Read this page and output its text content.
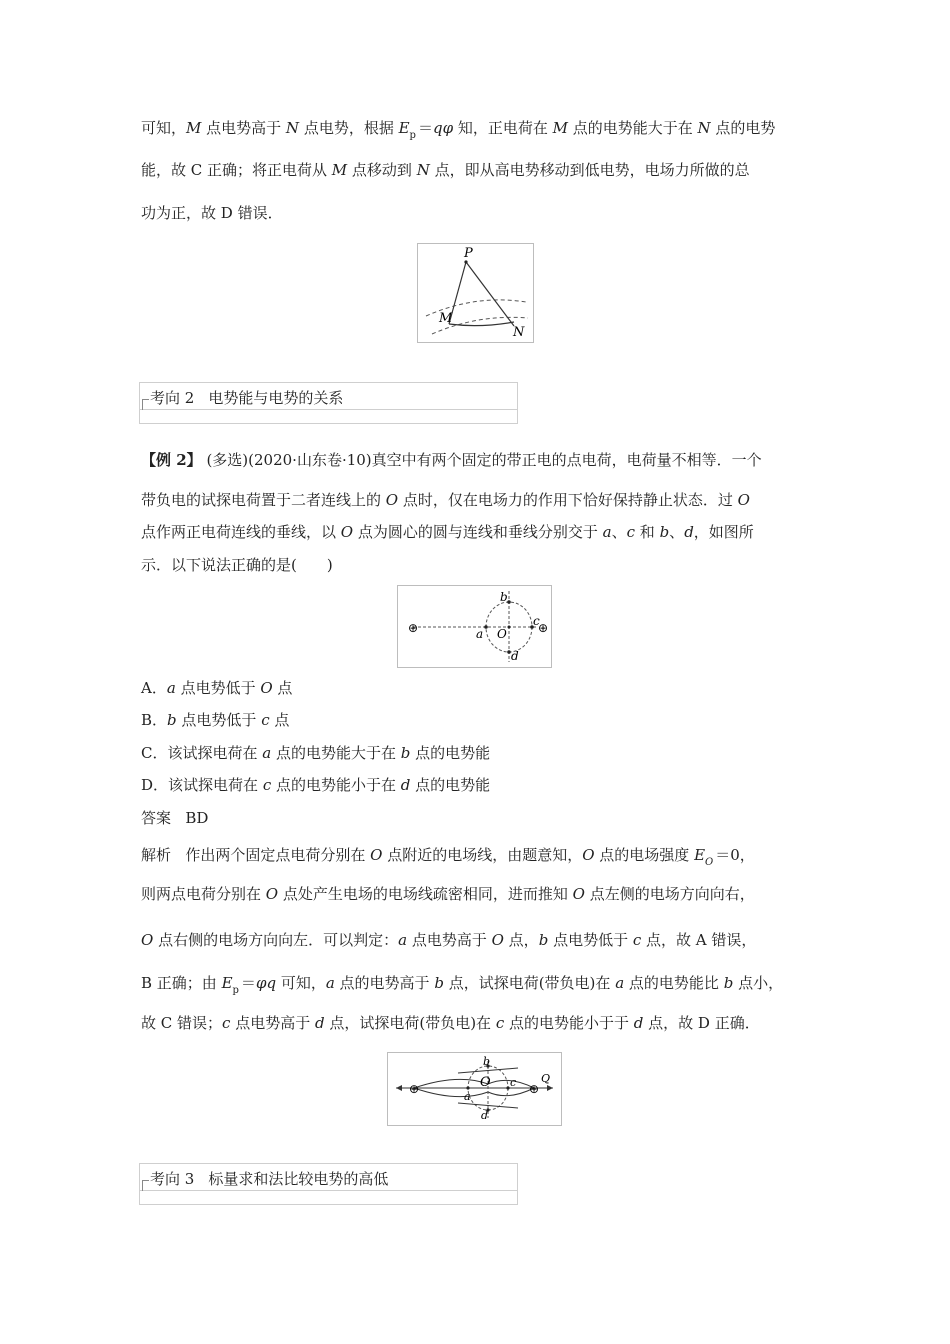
可知，M 点电势高于 N 点电势，根据 $E_p =q\varphi$ 知，正电荷在 M 点的电势能大于在 N 点的电势
能，故 C 正确；将正电荷从 M 点移动到 N 点，即从高电势移动到低电势，电场力所做的总
功为正，故 D 错误．
P
M
N
考向 2 电势能与电势的关系
【例 2】 (多选)(2020·山东卷·10)真空中有两个固定的带正电的点电荷，电荷量不相等．一个
带负电的试探电荷置于二者连线上的 O 点时，仅在电场力的作用下恰好保持静止状态．过 O
点作两正电荷连线的垂线，以 O 点为圆心的圆与连线和垂线分别交于 a、c 和 b、d，如图所
示．以下说法正确的是(　　)
⊕	⊕
a
b
c
d
O
A．a 点电势低于 O 点
B．b 点电势低于 c 点
C．该试探电荷在 a 点的电势能大于在 b 点的电势能
D．该试探电荷在 c 点的电势能小于在 d 点的电势能
答案 BD
解析 作出两个固定点电荷分别在 O 点附近的电场线，由题意知，O 点的电场强度 $E_O =0$，
则两点电荷分别在 O 点处产生电场的电场线疏密相同，进而推知 O 点左侧的电场方向向右，
O 点右侧的电场方向向左．可以判定：a 点电势高于 O 点，b 点电势低于 c 点，故 A 错误，
B 正确；由 $E_p =\varphi q$ 可知，a 点的电势高于 b 点，试探电荷(带负电)在 a 点的电势能比 b 点小，
故 C 错误；c 点电势高于 d 点，试探电荷(带负电)在 c 点的电势能小于于 d 点，故 D 正确．
⊕	⊕
a
b
c
d
O	Q
考向 3 标量求和法比较电势的高低
